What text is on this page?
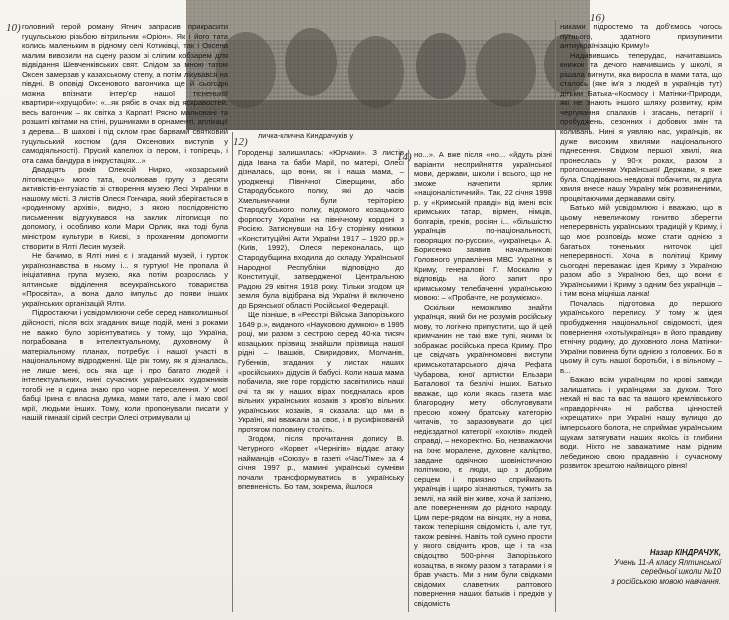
личка-клична Киндрачуків у
10)
12)
14)
16)

головний герой роману Ягнич запрасив прикрасити гуцульською різьбою вітрильник «Оріон». Як і його тата колись маленьким в рідному селі Котиківці, так і Оксена малим вивозили на сцену разом зі сліпим кобзарем для відвідання Шевченківських свят. Слідом за мною татом Оксен замерзав у казахському степу, а потім лікувався на півдні. В оповіді Оксенового вагончика ще й сьогодні можна впізнати інтер'єр нашої тісненької квартири-«хрущоби»: «...як рябіє в очах від яскравостей: весь вагончик – як світка з Карпат! Рясно мальовані та розшиті квітами на стіні, рушниками в орнаменті, аплікації з дерева... В шахові і під склом грає барвами святковий гуцульський костюм (для Оксенових виступів у самодіяльності). Прусий капелюх із пером, і топірець, і ота сама бандура в інкрустаціях...»

Двадцять років Олексій Нирко, «козарський літописець» мого тата, очолював групу з десяти активістів-ентузіастів зі створення музею Лесі Українки в нашому місті. З листів Олеся Гончара, який зберігається в «родинному архіві», видно, з якою послідовністю письменник відгукувався на заклик літописця по допомогу, і особливо коли Мари Орлик, яка тоді була міністром культури в Києві, з проханням допомогти створити в Ялті Лесин музей.

Не бачимо, в Ялті нині є і згаданий музей, і гурток українознавства в ньому і... я гуртую! Не пропала й ініціативна група музею, яка потім розрослась у ялтинське відділення всеукраїнського товариства «Просвіта», а вона дало імпульс до появи інших українських організацій Ялти.

Підростаючи і усвідомлюючи себе серед навколишньої дійсності, після всіх згаданих вище подій, мені з роками не важко було зорієнтуватись у тому, що Україна, пограбована в інтелектуальному, духовному й матеріальному планах, потребує і нашої участі в національному відродженні. Ще рік тому, як я дізналась, не лише мені, ось яка ще і про багато людей і інтелектуальних, нині сучасних українських художників тогобі не я єдина знаю про чорне переселення. У моєї бабці Ірина є власна думка, мами тато, але і маю свої мрії, людьми інших. Тому, коли пропонували писати у нашій гімназії сірий сестри Олесі отримували ці

Городенці залишилась: «Юрчаки». З листів діда Івана та баби Марії, по матері, Олесі дізналась, що вони, як і наша мама, – уродженці Північної Сіверщини, або Стародубського полку, які до часів Хмельниччини були теріторією Стародубського полку, відомого козацького форпосту України на північному кордоні з Росією. Затиснувши на 16-у сторінку книжки «Конституційні Акти України 1917 – 1920 рр.» (Київ, 1992), Олеся переконалась, що Стародубщина входила до складу Української Народної Республіки відповідно до Конституції, затвердженої Центральною Радою 29 квітня 1918 року. Тільки згодом ця земля була відібрана від України й включено до Брянської області Російської Федерації.

Ще пізніше, в «Реєстрі Війська Запорізького 1649 р.», виданого «Науковою думкою» в 1995 році, ми разом з сестрою серед 40-ка тисяч козацьких прізвищ знайшли прізвища нашої рідні – Івашків, Свиридових, Молчанів, Губенків, згаданих у листах наших «російських» дідусів й бабусі. Коли наша мама побачила, яке горе гордістю засвітились наші очі та як у наших вірах поєдналась кров вільних українських козаків з кров'ю вільних українських козаків, я сказала: що ми в Україні, які вважали за своє, і в русифікованій протягом половину століть.

Згодом, після прочитання допису В. Четурного «Корвет «Чернігів» віддає атаку найманців «Союзу» в газеті «Час/Тіме» за 4 січня 1997 р., мамині українські сумніви почали трансформуватись в українську впевненість. Бо там, зокрема, йшлося

но...». А вже після «но... «йдуть різні варіанти несприйняття української мови, держави, школи і всього, що не зможе начепити ярлик «націоналістичний». Так, 22 січня 1998 р. у «Кримській правді» від імені всіх кримських татар, вірмен, німців, болгарів, греків, росіян і... «більшістю українців по-національності, говорящих по-русски», «українець» А. Борисенко заявив начальникові Головного управління МВС України в Криму, генералові Г. Москалю у відповідь на його запит про кримському телебаченні українською мовою: – «Пробачте, не розуміємо».

Оскільки неможливо знайти українця, який би не розумів російську мову, то логічно припустити, що й цей кримчанин не такі вже тупі, якими їх зображає російська преса Криму. Про це свідчать українномовні виступи кримськотатарського діяча Рефата Чубарова, юної артистки Ельзари Баталової та безлічі інших. Батько вважає, що коли якась газета має благородну мету обслуговувати пресою кожну братську категорію читачів, то заразовувати до цієї недієздатної категорії «хохлів» людей справді, – некоректно. Бо, незважаючи на їхнє моралене, духовне каліцтво, завдане одвічною шовіністичною політикою, є люди, що з добрим серцем і приязно сприймають українців і щиро зізнаються, тужить за землі, на якій він живе, хоча й запізню, але поверненням до рідного народу. Цим пере-рядом на вінцях, ну а нова, також теперішня свідомість і, але тут, також ревінні. Навіть той сумно прости у якого свідчить кров, ще і та «за свідоцтво 500-річчя Запорізького козацтва, в якому разом з татарами і я брав участь. Ми з ним були свідками свідомих славетних раптового повернення наших батьків і предків у свідомість

никами підростемо та доб'ємось чогось путнього, здатного призупинити антиукраїнізацію Криму!»

Надивившись теперудас, начитавшись книжок та дечого навчившись у школі, я рішала вигнути, яка виросла в мами тата, що сталось (яке ім'я з людей в українців тут) дітьми Батька-«Космосу і Матінки-Природи, які не знають іншого шляху розвитку, крім чергування спалахів і згасань, петаргії і пробуджень, сезонних і добових змін та коливань. Нині я уявляю нас, українців, як дуже високим хвилями національного піднесення. Свідком першої хвилі, яка пронеслась у 90-х роках, разом з проголошенням Української Держави, я вже була. Сподіваюсь невдовзі побачити, як друга хвиля внесе нашу Україну між розвиненими, процвітаючими державами світу.

Батько мій усвідомлюю і вважаю, що в цьому невеличкому гонитво зберегти неперервність українських традицій у Криму, і що моє розповідь може стати однією з багатьох тоненьких ниточок цієї неперервності. Хоча в політиці Криму сьогодні переважає ідея Криму з Україною разом або з Україною без, що вони є Українськими і Криму з одним без українців – і тим вона міцніша ланка!

Почалась підготовка до першого українського перепису. У тому ж ідея пробудження національної свідомості, ідея повернення «хотьїукраїнця» в його правдиву етнічну родину, до духовного лона Матінки-України повинна бути однією з головних. Бо в цьому й суть нашої боротьби, і в вільному – в...

Бажаю всім українцям по крові завжди залишатись і українцями за духом. Того нехай ні вас та вас та вашого кремлівського «правдоріччя» ні рабства цінностей «хрещатих» при Україні нашу вулицю до імперського болота, не сприймає українським щукам затягувати наших якоїсь із глибини води. Ніхто не заважатиме нам рідним лебединою свою прадавнію і сучасному розвиток зрештою найвищого рівня!

Назар КІНДРАЧУК,
Учень 11-А класу Ялтинської
середньої школи №10
з російською мовою навчання.
